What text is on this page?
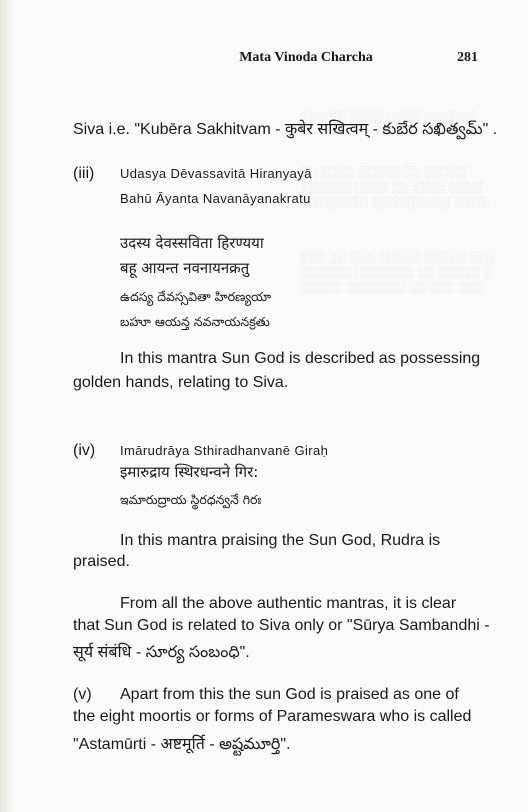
░░░ ░░ ░░░░ ░░░░ ░░░░░░
░░ ░░░░ ░░░░░ ░░ ░░░░░
░░░░░░ ░░░░ ░░ ░░░░ ░░░░
░░░░░░░░ ░░░░░░ ░░░ ░░░░
░░░ ░░ ░░░ ░░░░░ ░░░░░ ░░░
░░░░░░ ░░░░░░░ ░░ ░░░░░ ░
░░░░░ ░░░░░░░ ░░ ░░░ ░░░
Mata Vinoda Charcha	281
Siva i.e. "Kubēra Sakhitvam - कुबेर सखित्वम् - కుబేర సఖిత్వమ్" .
(iii) Udasya Dēvassavitā Hiranyayā
Bahū Āyanta Navanāyanakratu
उदस्य देवस्सविता हिरण्यया
बहू आयन्त नवनायनक्रतु
ఉదస్య దేవస్సవితా హిరణ్యయా
బహూ ఆయన్త నవనాయనక్రతు
In this mantra Sun God is described as possessing
golden hands, relating to Siva.
(iv) Imārudrāya Sthiradhanvanē Giraḥ
इमारुद्राय स्थिरधन्वने गिर:
ఇమారుద్రాయ స్థిరధన్వనే గిరః
In this mantra praising the Sun God, Rudra is
praised.
From all the above authentic mantras, it is clear
that Sun God is related to Siva only or "Sūrya Sambandhi -
सूर्य संबंधि - సూర్య సంబంధి".
(v) Apart from this the sun God is praised as one of
the eight moortis or forms of Parameswara who is called
"Astamūrti - अष्टमूर्ति - అష్టమూర్తి".
